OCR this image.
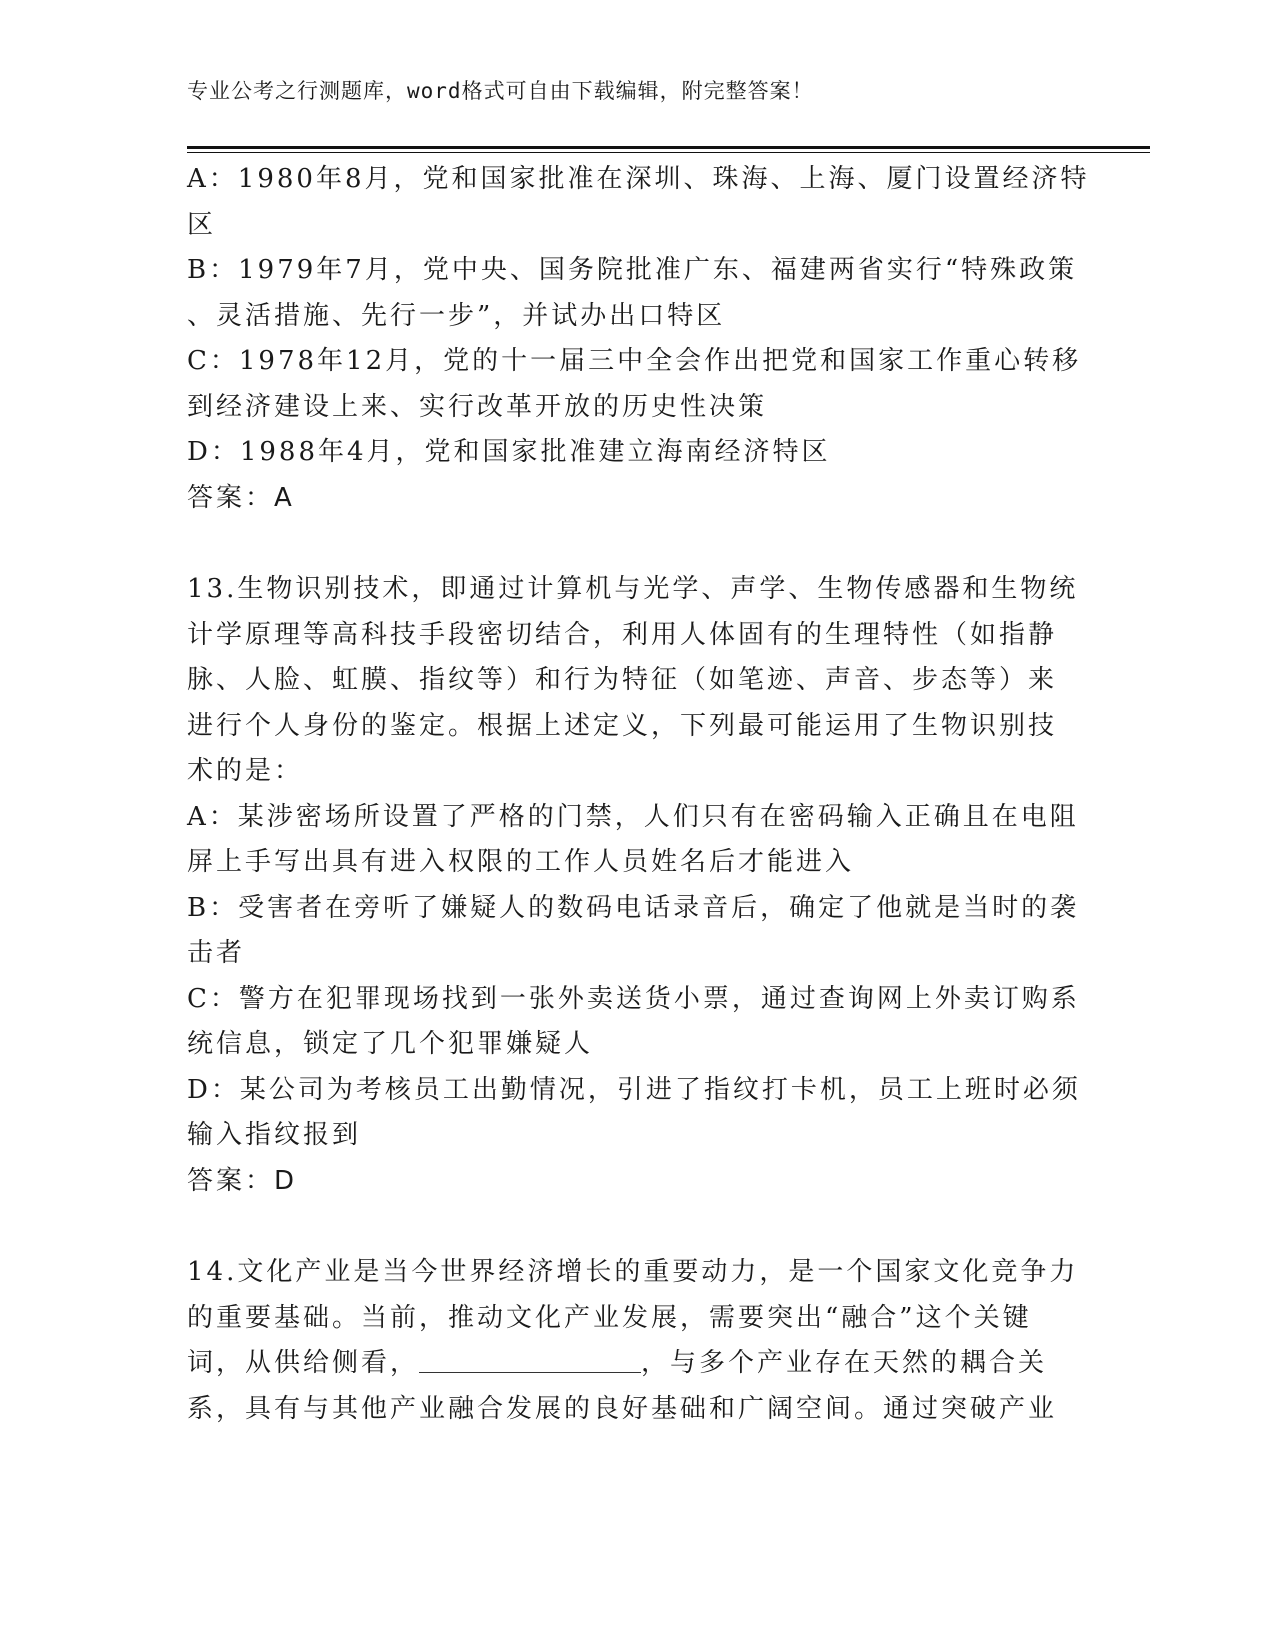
专业公考之行测题库，word格式可自由下载编辑，附完整答案！
A：1980年8月，党和国家批准在深圳、珠海、上海、厦门设置经济特
区
B：1979年7月，党中央、国务院批准广东、福建两省实行“特殊政策
、灵活措施、先行一步”，并试办出口特区
C：1978年12月，党的十一届三中全会作出把党和国家工作重心转移
到经济建设上来、实行改革开放的历史性决策
D：1988年4月，党和国家批准建立海南经济特区
答案：A
13.生物识别技术，即通过计算机与光学、声学、生物传感器和生物统
计学原理等高科技手段密切结合，利用人体固有的生理特性（如指静
脉、人脸、虹膜、指纹等）和行为特征（如笔迹、声音、步态等）来
进行个人身份的鉴定。根据上述定义，下列最可能运用了生物识别技
术的是：
A：某涉密场所设置了严格的门禁，人们只有在密码输入正确且在电阻
屏上手写出具有进入权限的工作人员姓名后才能进入
B：受害者在旁听了嫌疑人的数码电话录音后，确定了他就是当时的袭
击者
C：警方在犯罪现场找到一张外卖送货小票，通过查询网上外卖订购系
统信息，锁定了几个犯罪嫌疑人
D：某公司为考核员工出勤情况，引进了指纹打卡机，员工上班时必须
输入指纹报到
答案：D
14.文化产业是当今世界经济增长的重要动力，是一个国家文化竞争力
的重要基础。当前，推动文化产业发展，需要突出“融合”这个关键
词，从供给侧看，	，与多个产业存在天然的耦合关
系，具有与其他产业融合发展的良好基础和广阔空间。通过突破产业
